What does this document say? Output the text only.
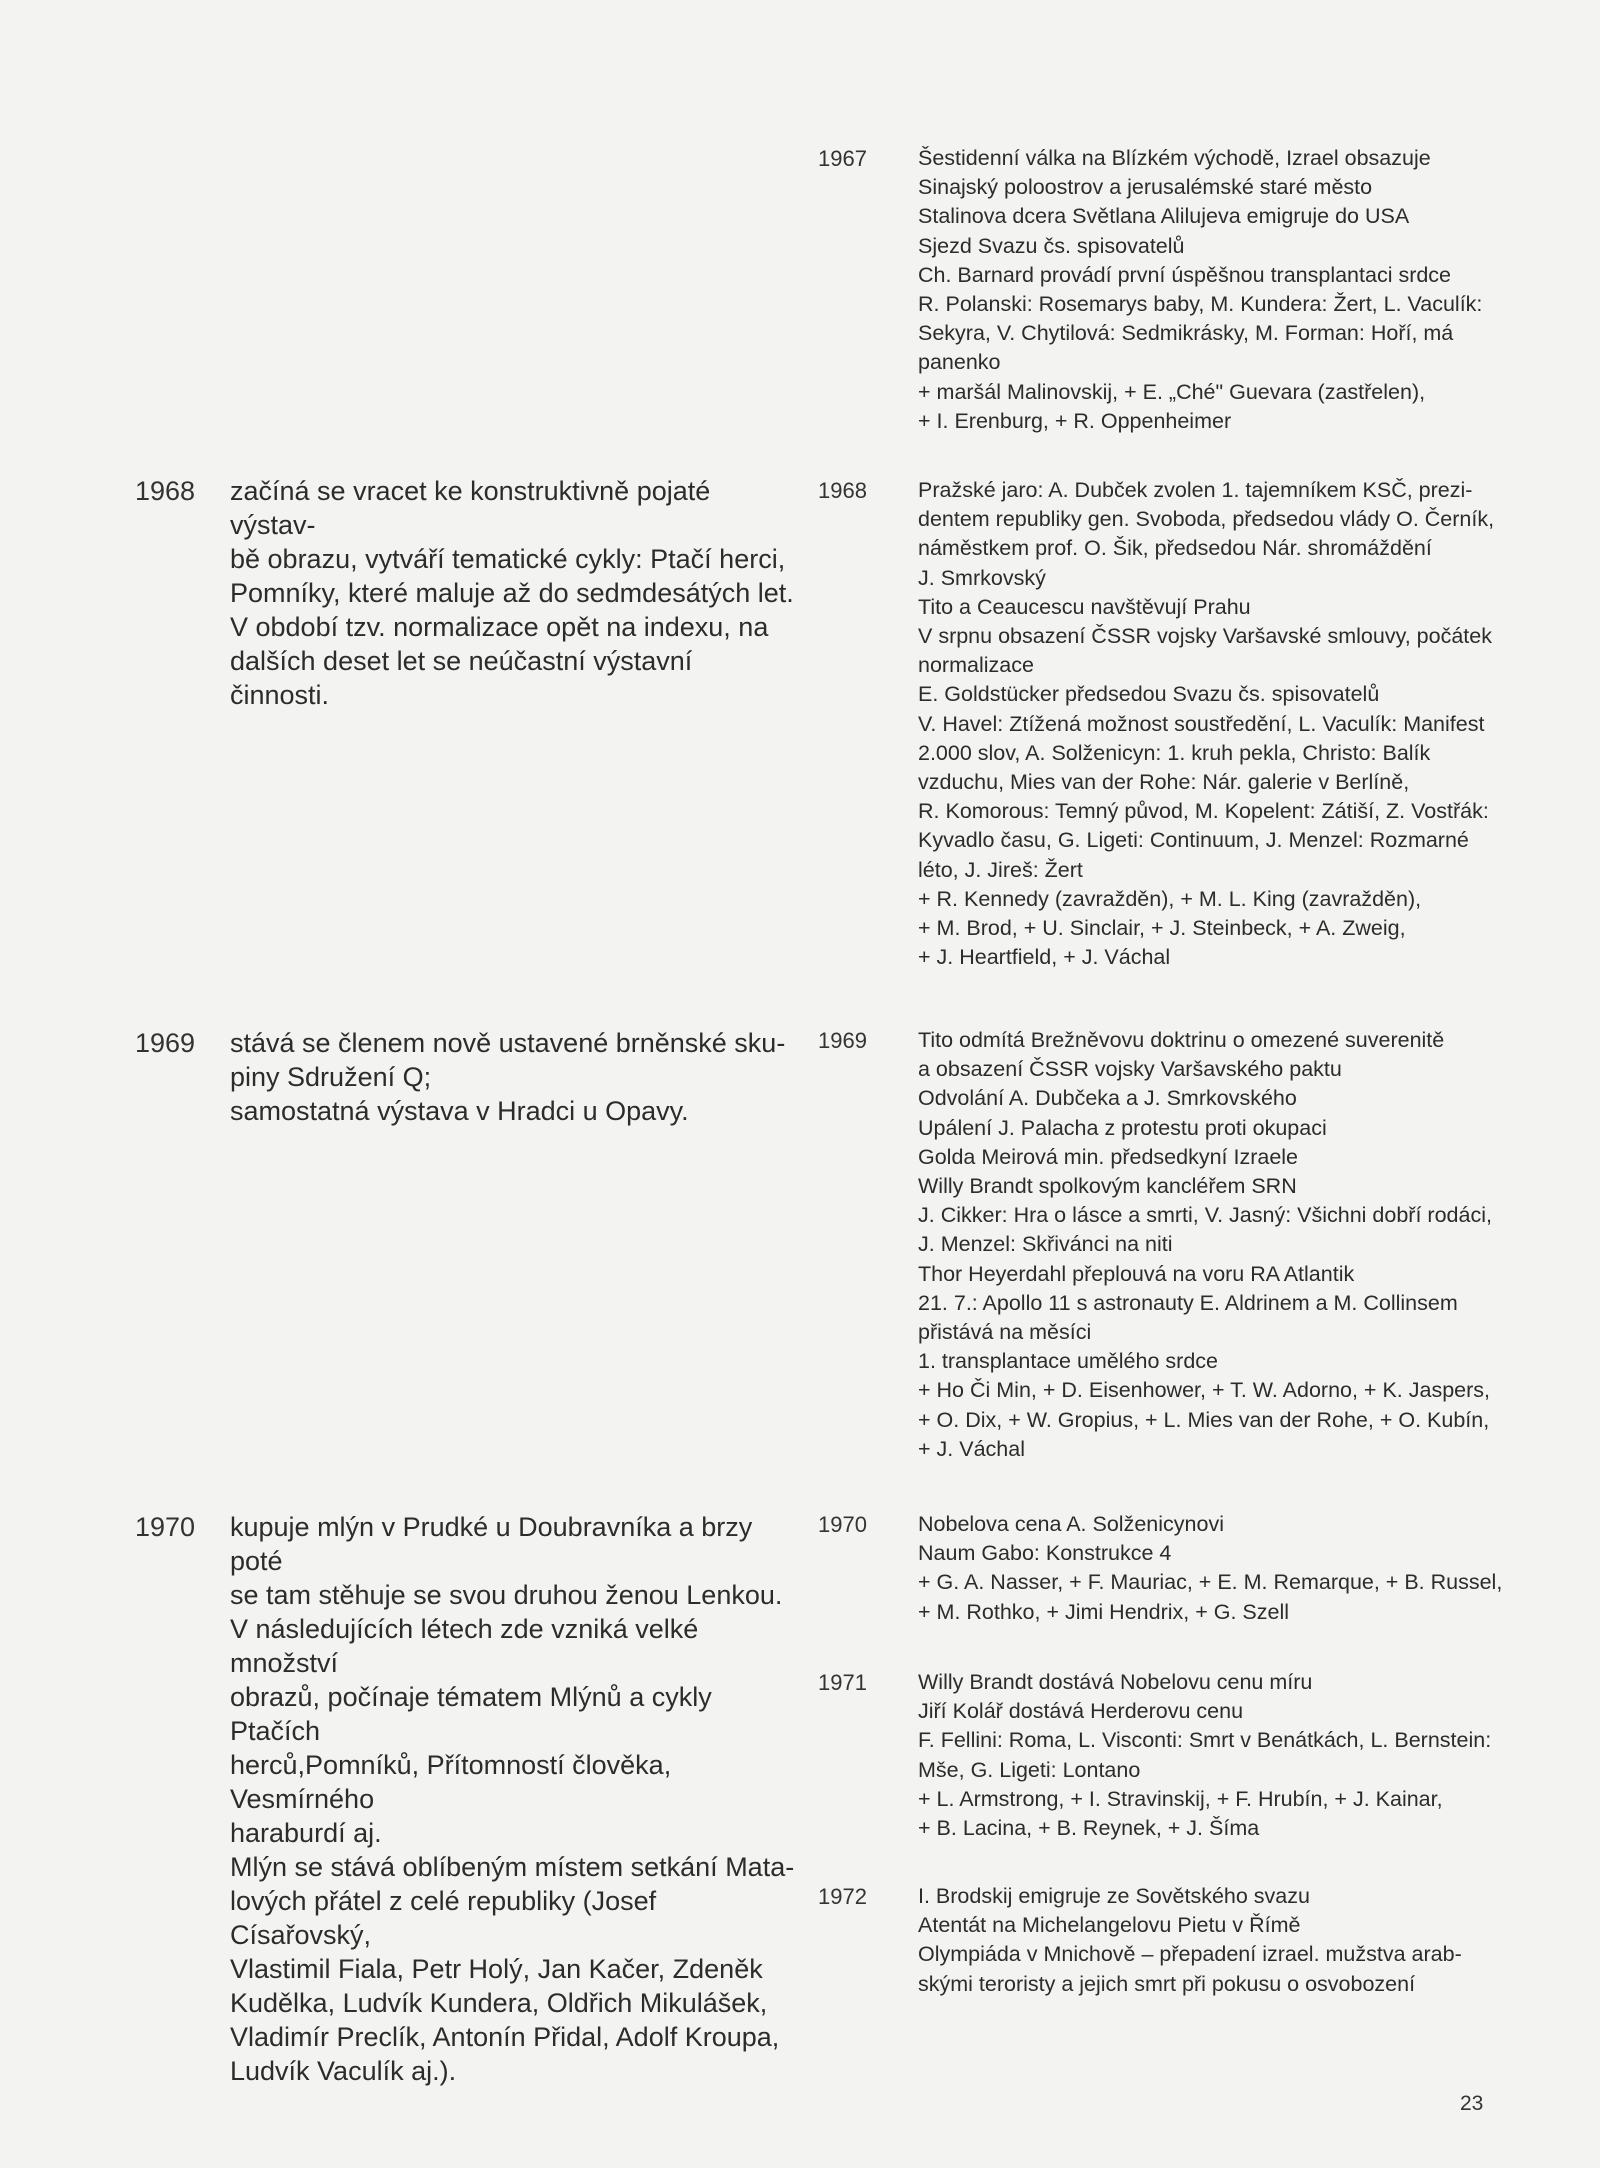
1968 začíná se vracet ke konstruktivně pojaté výstav-
bě obrazu, vytváří tematické cykly: Ptačí herci,
Pomníky, které maluje až do sedmdesátých let.
V období tzv. normalizace opět na indexu, na
dalších deset let se neúčastní výstavní činnosti.
1969 stává se členem nově ustavené brněnské sku-
piny Sdružení Q;
samostatná výstava v Hradci u Opavy.
1970 kupuje mlýn v Prudké u Doubravníka a brzy poté
se tam stěhuje se svou druhou ženou Lenkou.
V následujících létech zde vzniká velké množství
obrazů, počínaje tématem Mlýnů a cykly Ptačích
herců,Pomníků, Přítomností člověka, Vesmírného
haraburdí aj.
Mlýn se stává oblíbeným místem setkání Mata-
lových přátel z celé republiky (Josef Císařovský,
Vlastimil Fiala, Petr Holý, Jan Kačer, Zdeněk
Kudělka, Ludvík Kundera, Oldřich Mikulášek,
Vladimír Preclík, Antonín Přidal, Adolf Kroupa,
Ludvík Vaculík aj.).
1967 Šestidenní válka na Blízkém východě, Izrael obsazuje
Sinajský poloostrov a jerusalémské staré město
Stalinova dcera Světlana Alilujeva emigruje do USA
Sjezd Svazu čs. spisovatelů
Ch. Barnard provádí první úspěšnou transplantaci srdce
R. Polanski: Rosemarys baby, M. Kundera: Žert, L. Vaculík:
Sekyra, V. Chytilová: Sedmikrásky, M. Forman: Hoří, má
panenko
+ maršál Malinovskij, + E. „Ché" Guevara (zastřelen),
+ I. Erenburg, + R. Oppenheimer
1968 Pražské jaro: A. Dubček zvolen 1. tajemníkem KSČ, prezi-
dentem republiky gen. Svoboda, předsedou vlády O. Černík,
náměstkem prof. O. Šik, předsedou Nár. shromáždění
J. Smrkovský
Tito a Ceaucescu navštěvují Prahu
V srpnu obsazení ČSSR vojsky Varšavské smlouvy, počátek
normalizace
E. Goldstücker předsedou Svazu čs. spisovatelů
V. Havel: Ztížená možnost soustředění, L. Vaculík: Manifest
2.000 slov, A. Solženicyn: 1. kruh pekla, Christo: Balík
vzduchu, Mies van der Rohe: Nár. galerie v Berlíně,
R. Komorous: Temný původ, M. Kopelent: Zátiší, Z. Vostřák:
Kyvadlo času, G. Ligeti: Continuum, J. Menzel: Rozmarné
léto, J. Jireš: Žert
+ R. Kennedy (zavražděn), + M. L. King (zavražděn),
+ M. Brod, + U. Sinclair, + J. Steinbeck, + A. Zweig,
+ J. Heartfield, + J. Váchal
1969 Tito odmítá Brežněvovu doktrinu o omezené suverenitě
a obsazení ČSSR vojsky Varšavského paktu
Odvolání A. Dubčeka a J. Smrkovského
Upálení J. Palacha z protestu proti okupaci
Golda Meirová min. předsedkyní Izraele
Willy Brandt spolkovým kancléřem SRN
J. Cikker: Hra o lásce a smrti, V. Jasný: Všichni dobří rodáci,
J. Menzel: Skřivánci na niti
Thor Heyerdahl přeplouvá na voru RA Atlantik
21. 7.: Apollo 11 s astronauty E. Aldrinem a M. Collinsem
přistává na měsíci
1. transplantace umělého srdce
+ Ho Či Min, + D. Eisenhower, + T. W. Adorno, + K. Jaspers,
+ O. Dix, + W. Gropius, + L. Mies van der Rohe, + O. Kubín,
+ J. Váchal
1970 Nobelova cena A. Solženicynovi
Naum Gabo: Konstrukce 4
+ G. A. Nasser, + F. Mauriac, + E. M. Remarque, + B. Russel,
+ M. Rothko, + Jimi Hendrix, + G. Szell
1971 Willy Brandt dostává Nobelovu cenu míru
Jiří Kolář dostává Herderovu cenu
F. Fellini: Roma, L. Visconti: Smrt v Benátkách, L. Bernstein:
Mše, G. Ligeti: Lontano
+ L. Armstrong, + I. Stravinskij, + F. Hrubín, + J. Kainar,
+ B. Lacina, + B. Reynek, + J. Šíma
1972 I. Brodskij emigruje ze Sovětského svazu
Atentát na Michelangelovu Pietu v Římě
Olympiáda v Mnichově – přepadení izrael. mužstva arab-
skými teroristy a jejich smrt při pokusu o osvobození
23
